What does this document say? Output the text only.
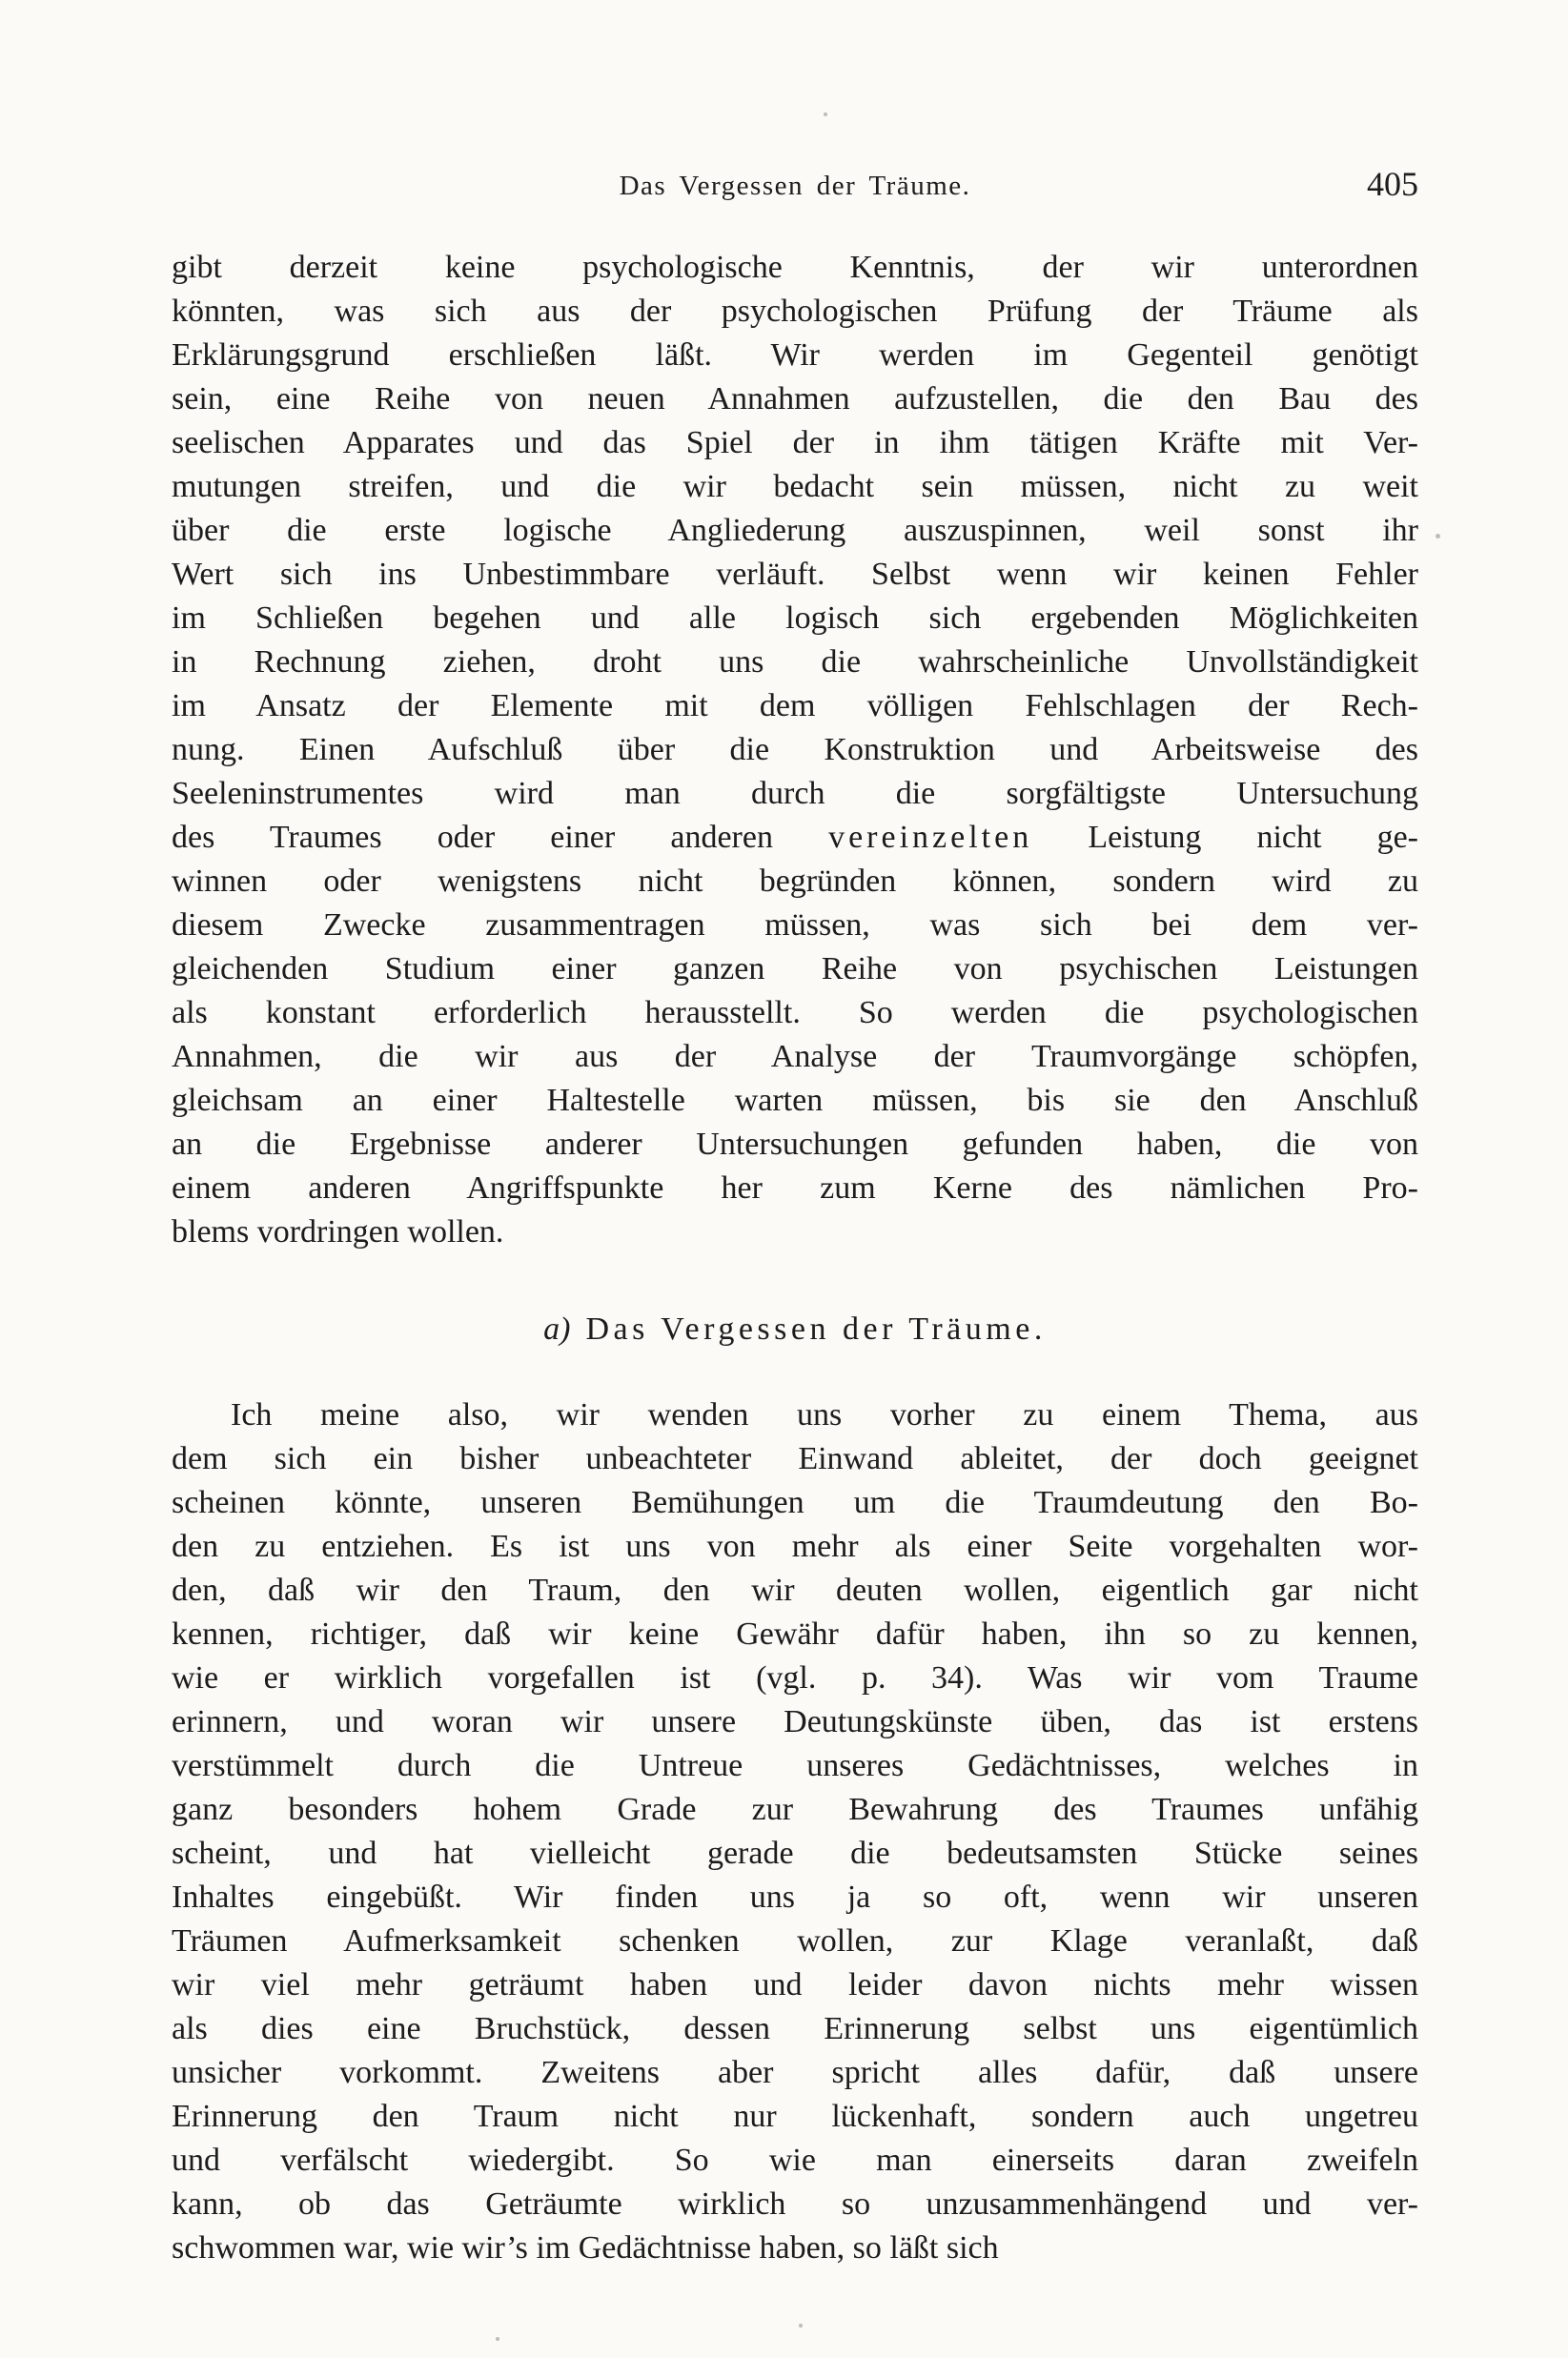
Das Vergessen der Träume.	405
gibt derzeit keine psychologische Kenntnis, der wir unterordnen
könnten, was sich aus der psychologischen Prüfung der Träume als
Erklärungsgrund erschließen läßt. Wir werden im Gegenteil genötigt
sein, eine Reihe von neuen Annahmen aufzustellen, die den Bau des
seelischen Apparates und das Spiel der in ihm tätigen Kräfte mit Ver-
mutungen streifen, und die wir bedacht sein müssen, nicht zu weit
über die erste logische Angliederung auszuspinnen, weil sonst ihr
Wert sich ins Unbestimmbare verläuft. Selbst wenn wir keinen Fehler
im Schließen begehen und alle logisch sich ergebenden Möglichkeiten
in Rechnung ziehen, droht uns die wahrscheinliche Unvollständigkeit
im Ansatz der Elemente mit dem völligen Fehlschlagen der Rech-
nung. Einen Aufschluß über die Konstruktion und Arbeitsweise des
Seeleninstrumentes wird man durch die sorgfältigste Untersuchung
des Traumes oder einer anderen vereinzelten Leistung nicht ge-
winnen oder wenigstens nicht begründen können, sondern wird zu
diesem Zwecke zusammentragen müssen, was sich bei dem ver-
gleichenden Studium einer ganzen Reihe von psychischen Leistungen
als konstant erforderlich herausstellt. So werden die psychologischen
Annahmen, die wir aus der Analyse der Traumvorgänge schöpfen,
gleichsam an einer Haltestelle warten müssen, bis sie den Anschluß
an die Ergebnisse anderer Untersuchungen gefunden haben, die von
einem anderen Angriffspunkte her zum Kerne des nämlichen Pro-
blems vordringen wollen.
a) Das Vergessen der Träume.
Ich meine also, wir wenden uns vorher zu einem Thema, aus
dem sich ein bisher unbeachteter Einwand ableitet, der doch geeignet
scheinen könnte, unseren Bemühungen um die Traumdeutung den Bo-
den zu entziehen. Es ist uns von mehr als einer Seite vorgehalten wor-
den, daß wir den Traum, den wir deuten wollen, eigentlich gar nicht
kennen, richtiger, daß wir keine Gewähr dafür haben, ihn so zu kennen,
wie er wirklich vorgefallen ist (vgl. p. 34). Was wir vom Traume
erinnern, und woran wir unsere Deutungskünste üben, das ist erstens
verstümmelt durch die Untreue unseres Gedächtnisses, welches in
ganz besonders hohem Grade zur Bewahrung des Traumes unfähig
scheint, und hat vielleicht gerade die bedeutsamsten Stücke seines
Inhaltes eingebüßt. Wir finden uns ja so oft, wenn wir unseren
Träumen Aufmerksamkeit schenken wollen, zur Klage veranlaßt, daß
wir viel mehr geträumt haben und leider davon nichts mehr wissen
als dies eine Bruchstück, dessen Erinnerung selbst uns eigentümlich
unsicher vorkommt. Zweitens aber spricht alles dafür, daß unsere
Erinnerung den Traum nicht nur lückenhaft, sondern auch ungetreu
und verfälscht wiedergibt. So wie man einerseits daran zweifeln
kann, ob das Geträumte wirklich so unzusammenhängend und ver-
schwommen war, wie wir’s im Gedächtnisse haben, so läßt sich
